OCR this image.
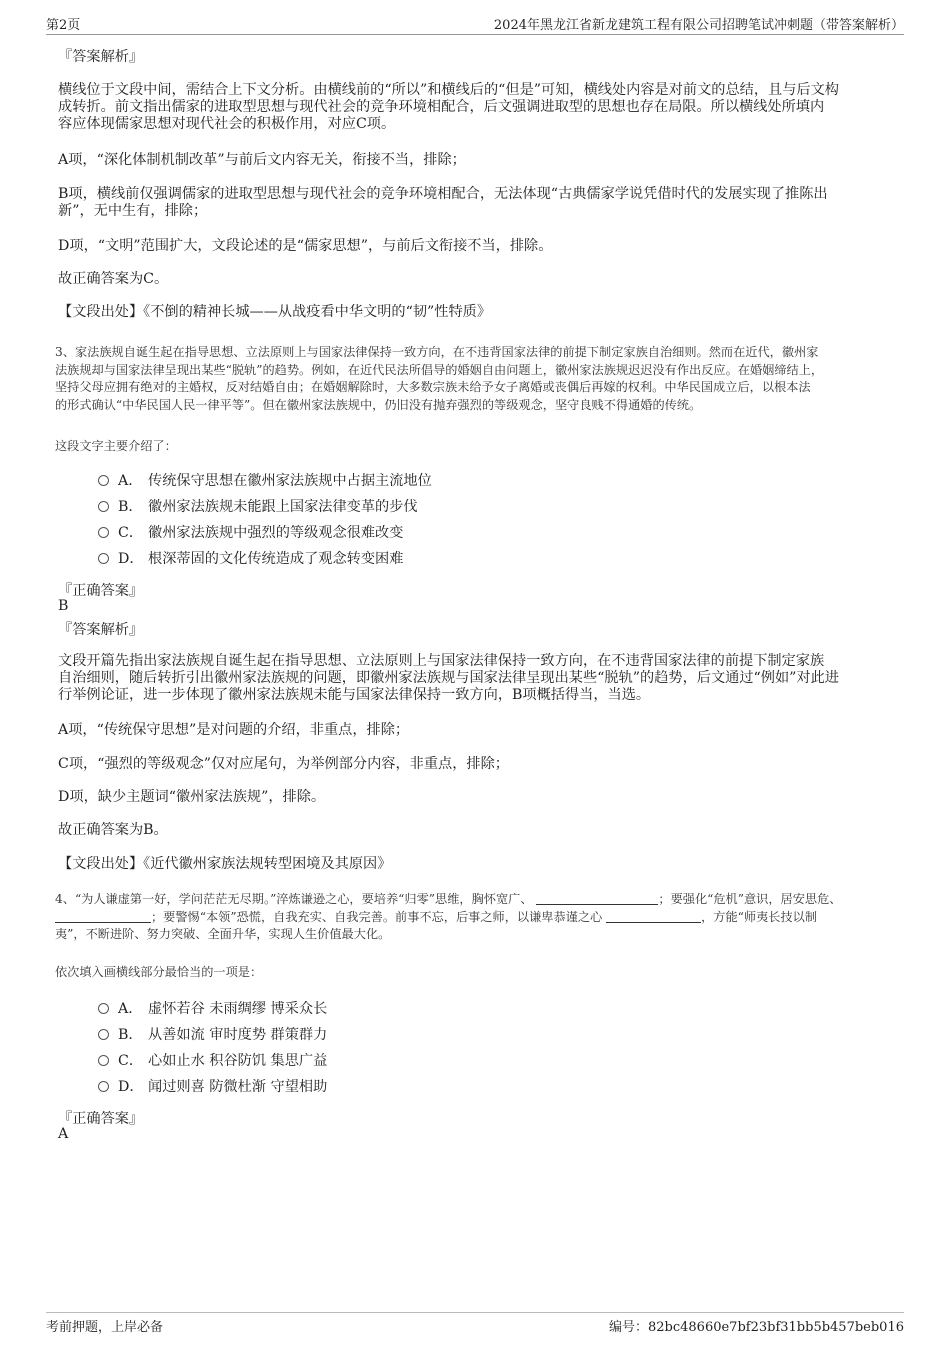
第2页	2024年黑龙江省新龙建筑工程有限公司招聘笔试冲刺题（带答案解析）
『答案解析』
横线位于文段中间，需结合上下文分析。由横线前的“所以”和横线后的“但是”可知，横线处内容是对前文的总结，且与后文构
成转折。前文指出儒家的进取型思想与现代社会的竞争环境相配合，后文强调进取型的思想也存在局限。所以横线处所填内
容应体现儒家思想对现代社会的积极作用，对应C项。
A项，“深化体制机制改革”与前后文内容无关，衔接不当，排除；
B项，横线前仅强调儒家的进取型思想与现代社会的竞争环境相配合，无法体现“古典儒家学说凭借时代的发展实现了推陈出
新”，无中生有，排除；
D项，“文明”范围扩大，文段论述的是“儒家思想”，与前后文衔接不当，排除。
故正确答案为C。
【文段出处】《不倒的精神长城——从战疫看中华文明的“韧”性特质》
3、家法族规自诞生起在指导思想、立法原则上与国家法律保持一致方向，在不违背国家法律的前提下制定家族自治细则。然而在近代，徽州家
法族规却与国家法律呈现出某些“脱轨”的趋势。例如，在近代民法所倡导的婚姻自由问题上，徽州家法族规迟迟没有作出反应。在婚姻缔结上，
坚持父母应拥有绝对的主婚权，反对结婚自由；在婚姻解除时，大多数宗族未给予女子离婚或丧偶后再嫁的权利。中华民国成立后，以根本法
的形式确认“中华民国人民一律平等”。但在徽州家法族规中，仍旧没有抛弃强烈的等级观念，坚守良贱不得通婚的传统。
这段文字主要介绍了：
A． 传统保守思想在徽州家法族规中占据主流地位
B． 徽州家法族规未能跟上国家法律变革的步伐
C． 徽州家法族规中强烈的等级观念很难改变
D． 根深蒂固的文化传统造成了观念转变困难
『正确答案』
B
『答案解析』
文段开篇先指出家法族规自诞生起在指导思想、立法原则上与国家法律保持一致方向，在不违背国家法律的前提下制定家族
自治细则，随后转折引出徽州家法族规的问题，即徽州家法族规与国家法律呈现出某些“脱轨”的趋势，后文通过“例如”对此进
行举例论证，进一步体现了徽州家法族规未能与国家法律保持一致方向，B项概括得当，当选。
A项，“传统保守思想”是对问题的介绍，非重点，排除；
C项，“强烈的等级观念”仅对应尾句，为举例部分内容，非重点，排除；
D项，缺少主题词“徽州家法族规”，排除。
故正确答案为B。
【文段出处】《近代徽州家族法规转型困境及其原因》
4、“为人谦虚第一好，学问茫茫无尽期。”淬炼谦逊之心，要培养“归零”思维，胸怀宽广、	；要强化“危机”意识，居安思危、
；要警惕“本领”恐慌，自我充实、自我完善。前事不忘，后事之师，以谦卑恭谨之心	，方能“师夷长技以制
夷”，不断进阶、努力突破、全面升华，实现人生价值最大化。
依次填入画横线部分最恰当的一项是：
A． 虚怀若谷 未雨绸缪 博采众长
B． 从善如流 审时度势 群策群力
C． 心如止水 积谷防饥 集思广益
D． 闻过则喜 防微杜渐 守望相助
『正确答案』
A
考前押题，上岸必备	编号：82bc48660e7bf23bf31bb5b457beb016
